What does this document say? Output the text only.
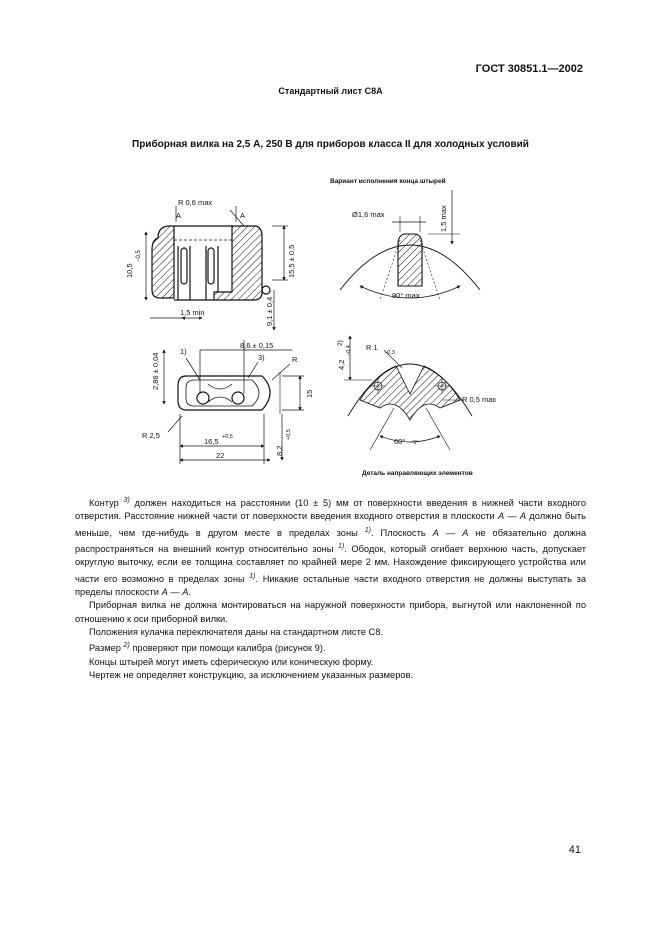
ГОСТ 30851.1—2002
Стандартный лист C8A
Приборная вилка на 2,5 А, 250 В для приборов класса II для холодных условий
А	А
R 0,6 max
10,5
−0,5	15,5 ± 0,5
9,1 ± 0,4
1,5 min
Вариант исполнения конца штырей
Ø1,6 max	1,5 max
90° max
2,86 ± 0,04
8,6 ± 0,15
1)
3)	R
15
R 2,5
16,5 +0,5
22	8,2
+0,5
4,2
−0,4
2)	R 1
−0,3
R 0,5 max
60° −5°
Деталь направляющих элементов

Контур $^{3)}$ должен находиться на расстоянии (10 ± 5) мм от поверхности введения в нижней части входного отверстия. Расстояние нижней части от поверхности введения входного отверстия в плоскости А — А должно быть меньше, чем где-нибудь в другом месте в пределах зоны $^{1)}$. Плоскость А — А не обязательно должна распространяться на внешний контур относительно зоны $^{1)}$. Ободок, который огибает верхнюю часть, допускает округлую выточку, если ее толщина составляет по крайней мере 2 мм. Нахождение фиксирующего устройства или части его возможно в пределах зоны $^{1)}$. Никакие остальные части входного отверстия не должны выступать за пределы плоскости А — А.

Приборная вилка не должна монтироваться на наружной поверхности прибора, выгнутой или наклоненной по отношению к оси приборной вилки.

Положения кулачка переключателя даны на стандартном листе C8.

Размер $^{2)}$ проверяют при помощи калибра (рисунок 9).

Концы штырей могут иметь сферическую или коническую форму.

Чертеж не определяет конструкцию, за исключением указанных размеров.

41
